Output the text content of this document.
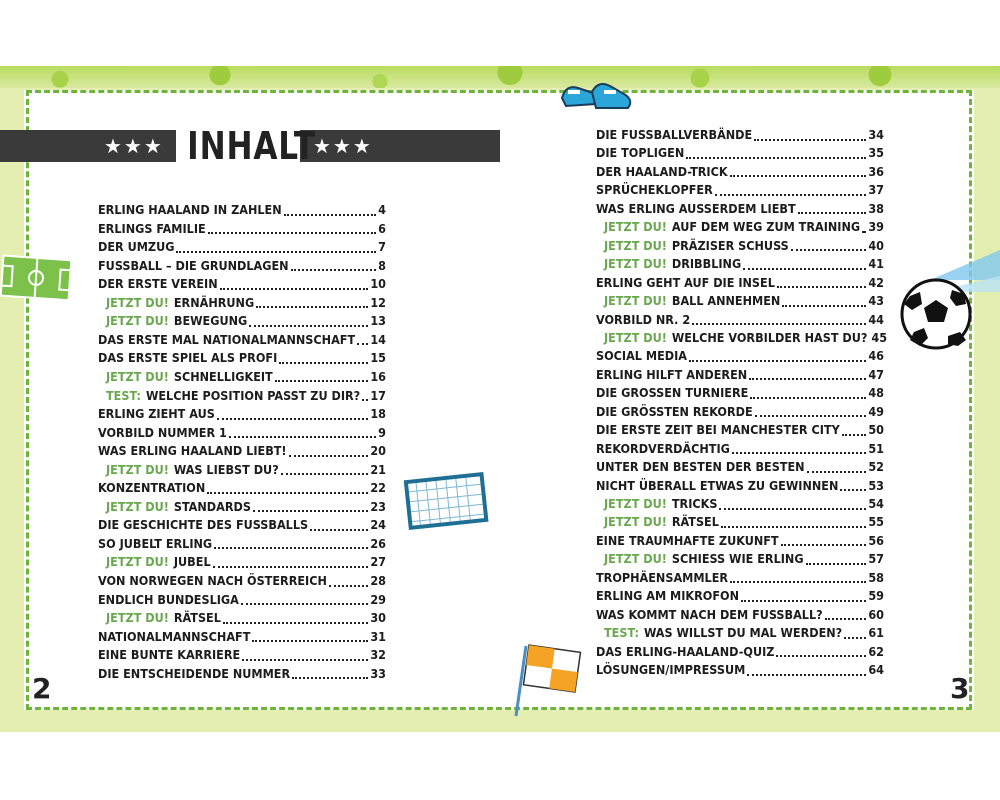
★★★ INHALT
★★★
ERLING HAALAND IN ZAHLEN	4
ERLINGS FAMILIE	6
DER UMZUG	7
FUSSBALL – DIE GRUNDLAGEN	8
DER ERSTE VEREIN	10
JETZT DU! ERNÄHRUNG	12
JETZT DU! BEWEGUNG	13
DAS ERSTE MAL NATIONALMANNSCHAFT 14
DAS ERSTE SPIEL ALS PROFI	15
JETZT DU! SCHNELLIGKEIT	16
TEST: WELCHE POSITION PASST ZU DIR? 17
ERLING ZIEHT AUS	18
VORBILD NUMMER 1	9
WAS ERLING HAALAND LIEBT!	20
JETZT DU! WAS LIEBST DU?	21
KONZENTRATION	22
JETZT DU! STANDARDS	23
DIE GESCHICHTE DES FUSSBALLS	24
SO JUBELT ERLING	26
JETZT DU! JUBEL	27
VON NORWEGEN NACH ÖSTERREICH	28
ENDLICH BUNDESLIGA	29
JETZT DU! RÄTSEL	30
NATIONALMANNSCHAFT	31
EINE BUNTE KARRIERE	32
DIE ENTSCHEIDENDE NUMMER	33
DIE FUSSBALLVERBÄNDE	34
DIE TOPLIGEN	35
DER HAALAND-TRICK	36
SPRÜCHEKLOPFER	37
WAS ERLING AUSSERDEM LIEBT	38
JETZT DU! AUF DEM WEG ZUM TRAINING 39
JETZT DU! PRÄZISER SCHUSS	40
JETZT DU! DRIBBLING	41
ERLING GEHT AUF DIE INSEL	42
JETZT DU! BALL ANNEHMEN	43
VORBILD NR. 2	44
JETZT DU! WELCHE VORBILDER HAST DU? 45
SOCIAL MEDIA	46
ERLING HILFT ANDEREN	47
DIE GROSSEN TURNIERE	48
DIE GRÖSSTEN REKORDE	49
DIE ERSTE ZEIT BEI MANCHESTER CITY 50
REKORDVERDÄCHTIG	51
UNTER DEN BESTEN DER BESTEN	52
NICHT ÜBERALL ETWAS ZU GEWINNEN 53
JETZT DU! TRICKS	54
JETZT DU! RÄTSEL	55
EINE TRAUMHAFTE ZUKUNFT	56
JETZT DU! SCHIESS WIE ERLING	57
TROPHÄENSAMMLER	58
ERLING AM MIKROFON	59
WAS KOMMT NACH DEM FUSSBALL?	60
TEST: WAS WILLST DU MAL WERDEN? 61
DAS ERLING-HAALAND-QUIZ	62
LÖSUNGEN/IMPRESSUM	64
2	3
